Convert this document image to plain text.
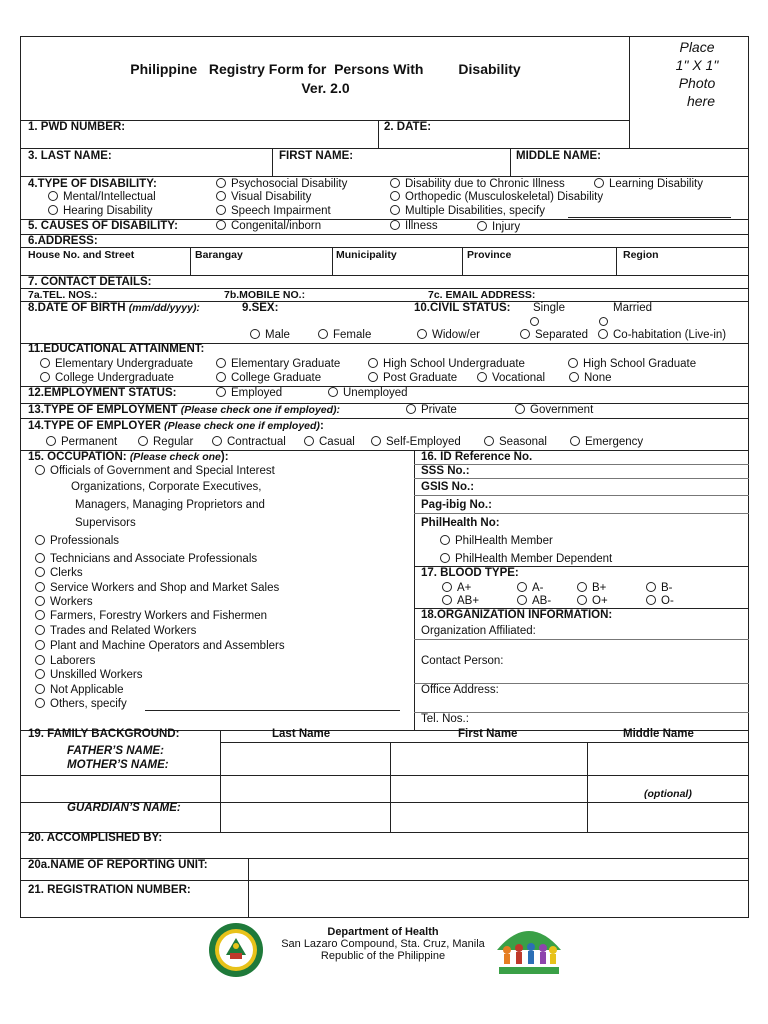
Philippine   Registry Form for  Persons With         Disability
Ver. 2.0
Place
1" X 1"
Photo
here
1. PWD NUMBER:	2. DATE:
3. LAST NAME:	FIRST NAME:	MIDDLE NAME:
4.TYPE OF DISABILITY:	Psychosocial Disability	Disability due to Chronic Illness	Learning Disability
Mental/Intellectual	Visual Disability	Orthopedic (Musculoskeletal) Disability
Hearing Disability	Speech Impairment	Multiple Disabilities, specify
5. CAUSES OF DISABILITY:	Congenital/inborn	Illness	Injury
6.ADDRESS:
House No. and Street	Barangay	Municipality	Province	Region
7. CONTACT DETAILS:
7a.TEL. NOS.:	7b.MOBILE NO.:	7c. EMAIL ADDRESS:
8.DATE OF BIRTH (mm/dd/yyyy):	9.SEX:	10.CIVIL STATUS: Single	Married
Male	Female	Widow/er	Separated	Co-habitation (Live-in)
11.EDUCATIONAL ATTAINMENT:
Elementary Undergraduate	Elementary Graduate	High School Undergraduate	High School Graduate
College Undergraduate	College Graduate	Post Graduate	Vocational	None
12.EMPLOYMENT STATUS:	Employed	Unemployed
13.TYPE OF EMPLOYMENT (Please check one if employed):	Private	Government
14.TYPE OF EMPLOYER (Please check one if employed):
Permanent	Regular	Contractual	Casual	Self-Employed	Seasonal	Emergency
15. OCCUPATION: (Please check one):
Officials of Government and Special Interest
Organizations, Corporate Executives,
Managers, Managing Proprietors and
Supervisors
Professionals
Technicians and Associate Professionals
Clerks
Service Workers and Shop and Market Sales
Workers
Farmers, Forestry Workers and Fishermen
Trades and Related Workers
Plant and Machine Operators and Assemblers
Laborers
Unskilled Workers
Not Applicable
Others, specify
16. ID Reference No.
SSS No.:
GSIS No.:
Pag-ibig No.:
PhilHealth No:
PhilHealth Member
PhilHealth Member Dependent
17. BLOOD TYPE:
A+	A-	B+	B-
AB+	AB-	O+	O-
18.ORGANIZATION INFORMATION:
Organization Affiliated:
Contact Person:
Office Address:
Tel. Nos.:
19. FAMILY BACKGROUND:	Last Name	First Name	Middle Name
FATHER’S NAME:
MOTHER’S NAME:
(optional)
GUARDIAN’S NAME:
20. ACCOMPLISHED BY:
20a.NAME OF REPORTING UNIT:
21. REGISTRATION NUMBER:
Department of Health
San Lazaro Compound, Sta. Cruz, Manila
Republic of the Philippine
